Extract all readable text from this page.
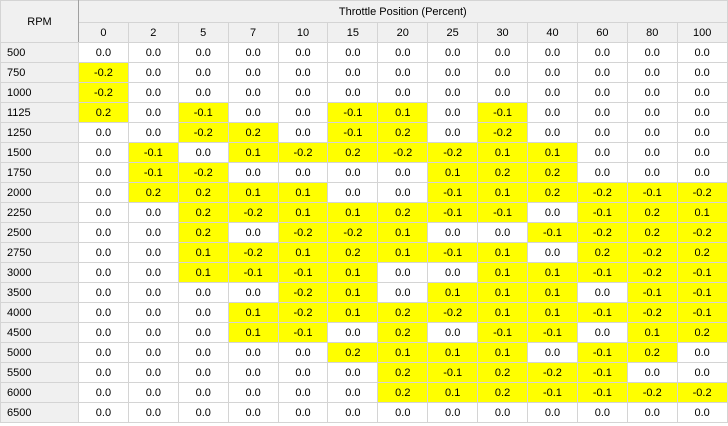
RPM	Throttle Position (Percent)												
	0	2	5	7	10	15	20	25	30	40	60	80	100
500	0.0	0.0	0.0	0.0	0.0	0.0	0.0	0.0	0.0	0.0	0.0	0.0	0.0
750	-0.2	0.0	0.0	0.0	0.0	0.0	0.0	0.0	0.0	0.0	0.0	0.0	0.0
1000	-0.2	0.0	0.0	0.0	0.0	0.0	0.0	0.0	0.0	0.0	0.0	0.0	0.0
1125	0.2	0.0	-0.1	0.0	0.0	-0.1	0.1	0.0	-0.1	0.0	0.0	0.0	0.0
1250	0.0	0.0	-0.2	0.2	0.0	-0.1	0.2	0.0	-0.2	0.0	0.0	0.0	0.0
1500	0.0	-0.1	0.0	0.1	-0.2	0.2	-0.2	-0.2	0.1	0.1	0.0	0.0	0.0
1750	0.0	-0.1	-0.2	0.0	0.0	0.0	0.0	0.1	0.2	0.2	0.0	0.0	0.0
2000	0.0	0.2	0.2	0.1	0.1	0.0	0.0	-0.1	0.1	0.2	-0.2	-0.1	-0.2
2250	0.0	0.0	0.2	-0.2	0.1	0.1	0.2	-0.1	-0.1	0.0	-0.1	0.2	0.1
2500	0.0	0.0	0.2	0.0	-0.2	-0.2	0.1	0.0	0.0	-0.1	-0.2	0.2	-0.2
2750	0.0	0.0	0.1	-0.2	0.1	0.2	0.1	-0.1	0.1	0.0	0.2	-0.2	0.2
3000	0.0	0.0	0.1	-0.1	-0.1	0.1	0.0	0.0	0.1	0.1	-0.1	-0.2	-0.1
3500	0.0	0.0	0.0	0.0	-0.2	0.1	0.0	0.1	0.1	0.1	0.0	-0.1	-0.1
4000	0.0	0.0	0.0	0.1	-0.2	0.1	0.2	-0.2	0.1	0.1	-0.1	-0.2	-0.1
4500	0.0	0.0	0.0	0.1	-0.1	0.0	0.2	0.0	-0.1	-0.1	0.0	0.1	0.2
5000	0.0	0.0	0.0	0.0	0.0	0.2	0.1	0.1	0.1	0.0	-0.1	0.2	0.0
5500	0.0	0.0	0.0	0.0	0.0	0.0	0.2	-0.1	0.2	-0.2	-0.1	0.0	0.0
6000	0.0	0.0	0.0	0.0	0.0	0.0	0.2	0.1	0.2	-0.1	-0.1	-0.2	-0.2
6500	0.0	0.0	0.0	0.0	0.0	0.0	0.0	0.0	0.0	0.0	0.0	0.0	0.0
